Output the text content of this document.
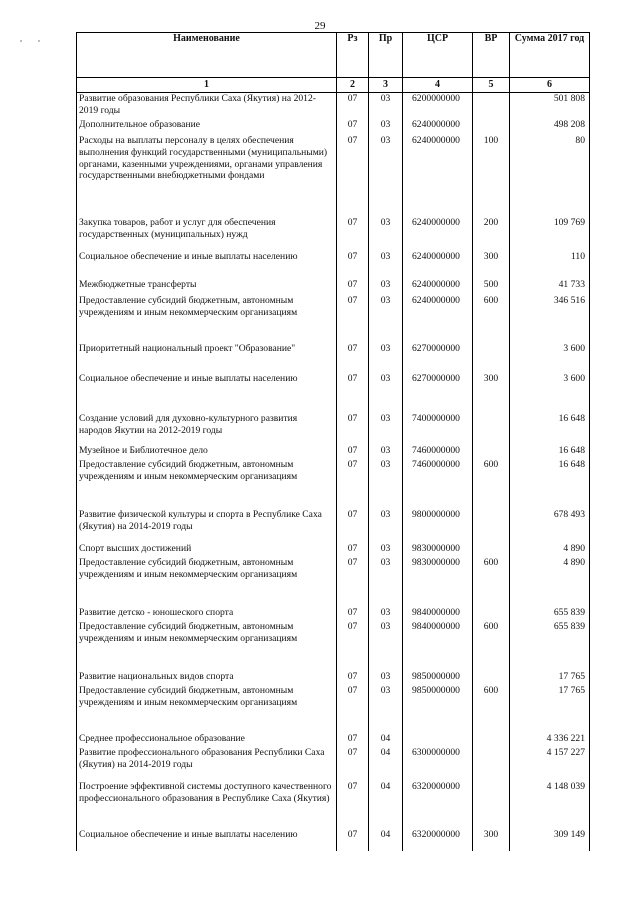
29
Наименование	Рз	Пр	ЦСР	ВР	Сумма 2017 год
1	2	3	4	5	6
Развитие образования Республики Саха (Якутия) на 2012-2019 годы	07	03	6200000000		501 808
Дополнительное образование	07	03	6240000000		498 208
Расходы на выплаты персоналу в целях обеспечения выполнения функций государственными (муниципальными) органами, казенными учреждениями, органами управления государственными внебюджетными фондами	07	03	6240000000	100	80
Закупка товаров, работ и услуг для обеспечения государственных (муниципальных) нужд	07	03	6240000000	200	109 769
Социальное обеспечение и иные выплаты населению	07	03	6240000000	300	110
Межбюджетные трансферты	07	03	6240000000	500	41 733
Предоставление субсидий бюджетным, автономным учреждениям и иным некоммерческим организациям	07	03	6240000000	600	346 516
Приоритетный национальный проект "Образование"	07	03	6270000000		3 600
Социальное обеспечение и иные выплаты населению	07	03	6270000000	300	3 600
Создание условий для духовно-культурного развития народов Якутии на 2012-2019 годы	07	03	7400000000		16 648
Музейное и Библиотечное дело	07	03	7460000000		16 648
Предоставление субсидий бюджетным, автономным учреждениям и иным некоммерческим организациям	07	03	7460000000	600	16 648
Развитие физической культуры и спорта в Республике Саха (Якутия) на 2014-2019 годы	07	03	9800000000		678 493
Спорт высших достижений	07	03	9830000000		4 890
Предоставление субсидий бюджетным, автономным учреждениям и иным некоммерческим организациям	07	03	9830000000	600	4 890
Развитие детско - юношеского спорта	07	03	9840000000		655 839
Предоставление субсидий бюджетным, автономным учреждениям и иным некоммерческим организациям	07	03	9840000000	600	655 839
Развитие национальных видов спорта	07	03	9850000000		17 765
Предоставление субсидий бюджетным, автономным учреждениям и иным некоммерческим организациям	07	03	9850000000	600	17 765
Среднее профессиональное образование	07	04			4 336 221
Развитие профессионального образования Республики Саха (Якутия) на 2014-2019 годы	07	04	6300000000		4 157 227
Построение эффективной системы доступного качественного профессионального образования в Республике Саха (Якутия)	07	04	6320000000		4 148 039
Социальное обеспечение и иные выплаты населению	07	04	6320000000	300	309 149
